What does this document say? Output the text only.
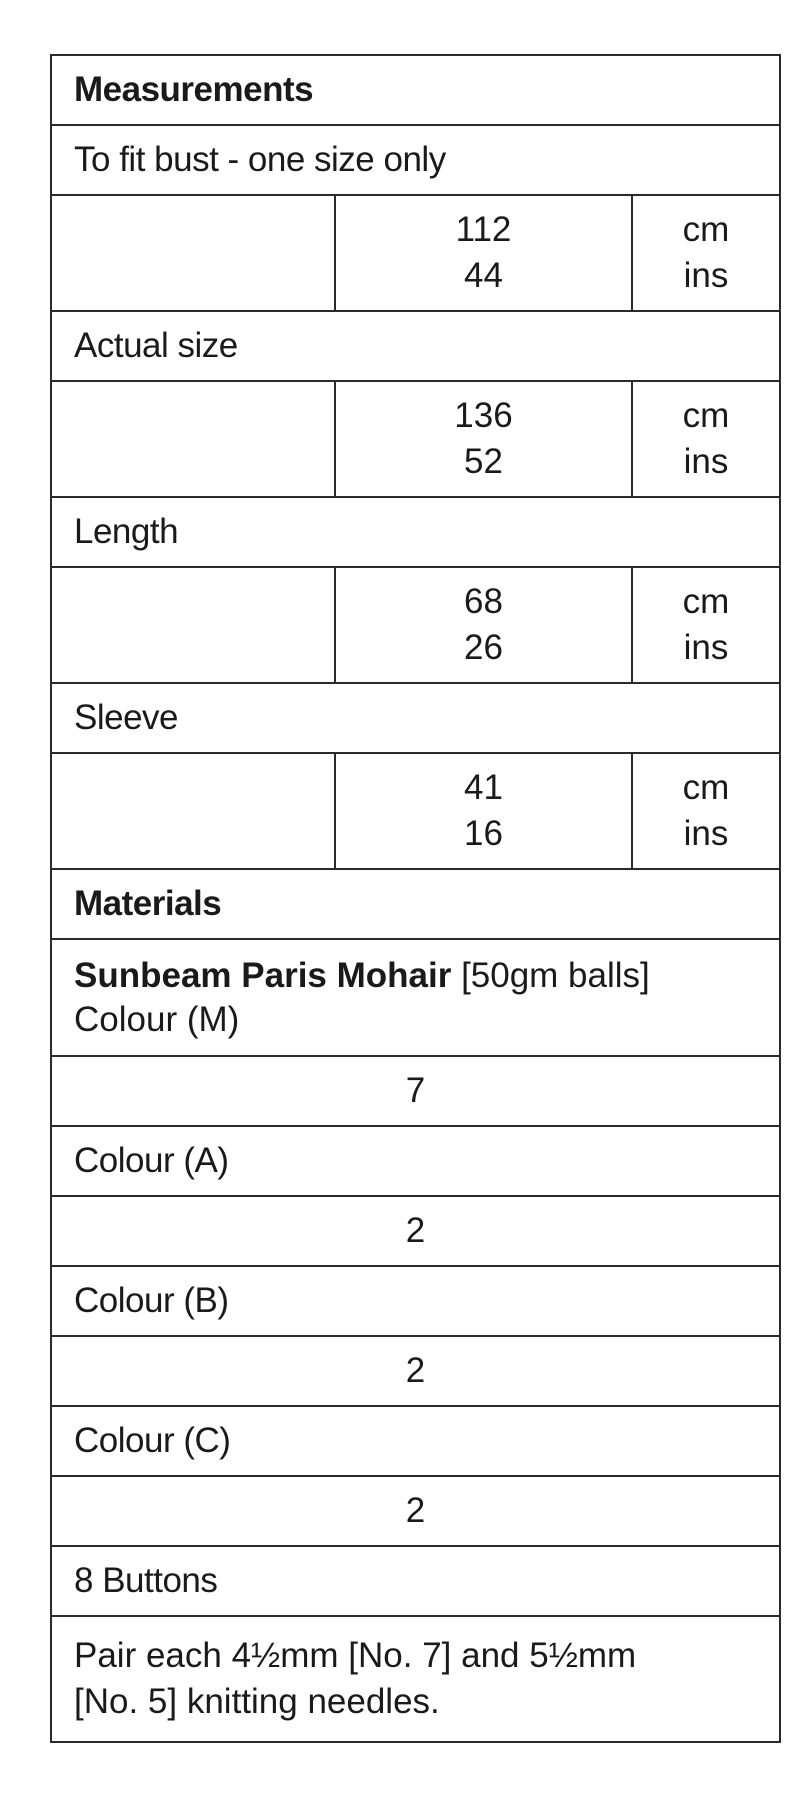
Measurements
To fit bust - one size only
112
44
cm
ins
Actual size
136
52
cm
ins
Length
68
26
cm
ins
Sleeve
41
16
cm
ins
Materials
Sunbeam Paris Mohair [50gm balls]
Colour (M)
7
Colour (A)
2
Colour (B)
2
Colour (C)
2
8 Buttons
Pair each 4½mm [No. 7] and 5½mm
[No. 5] knitting needles.
